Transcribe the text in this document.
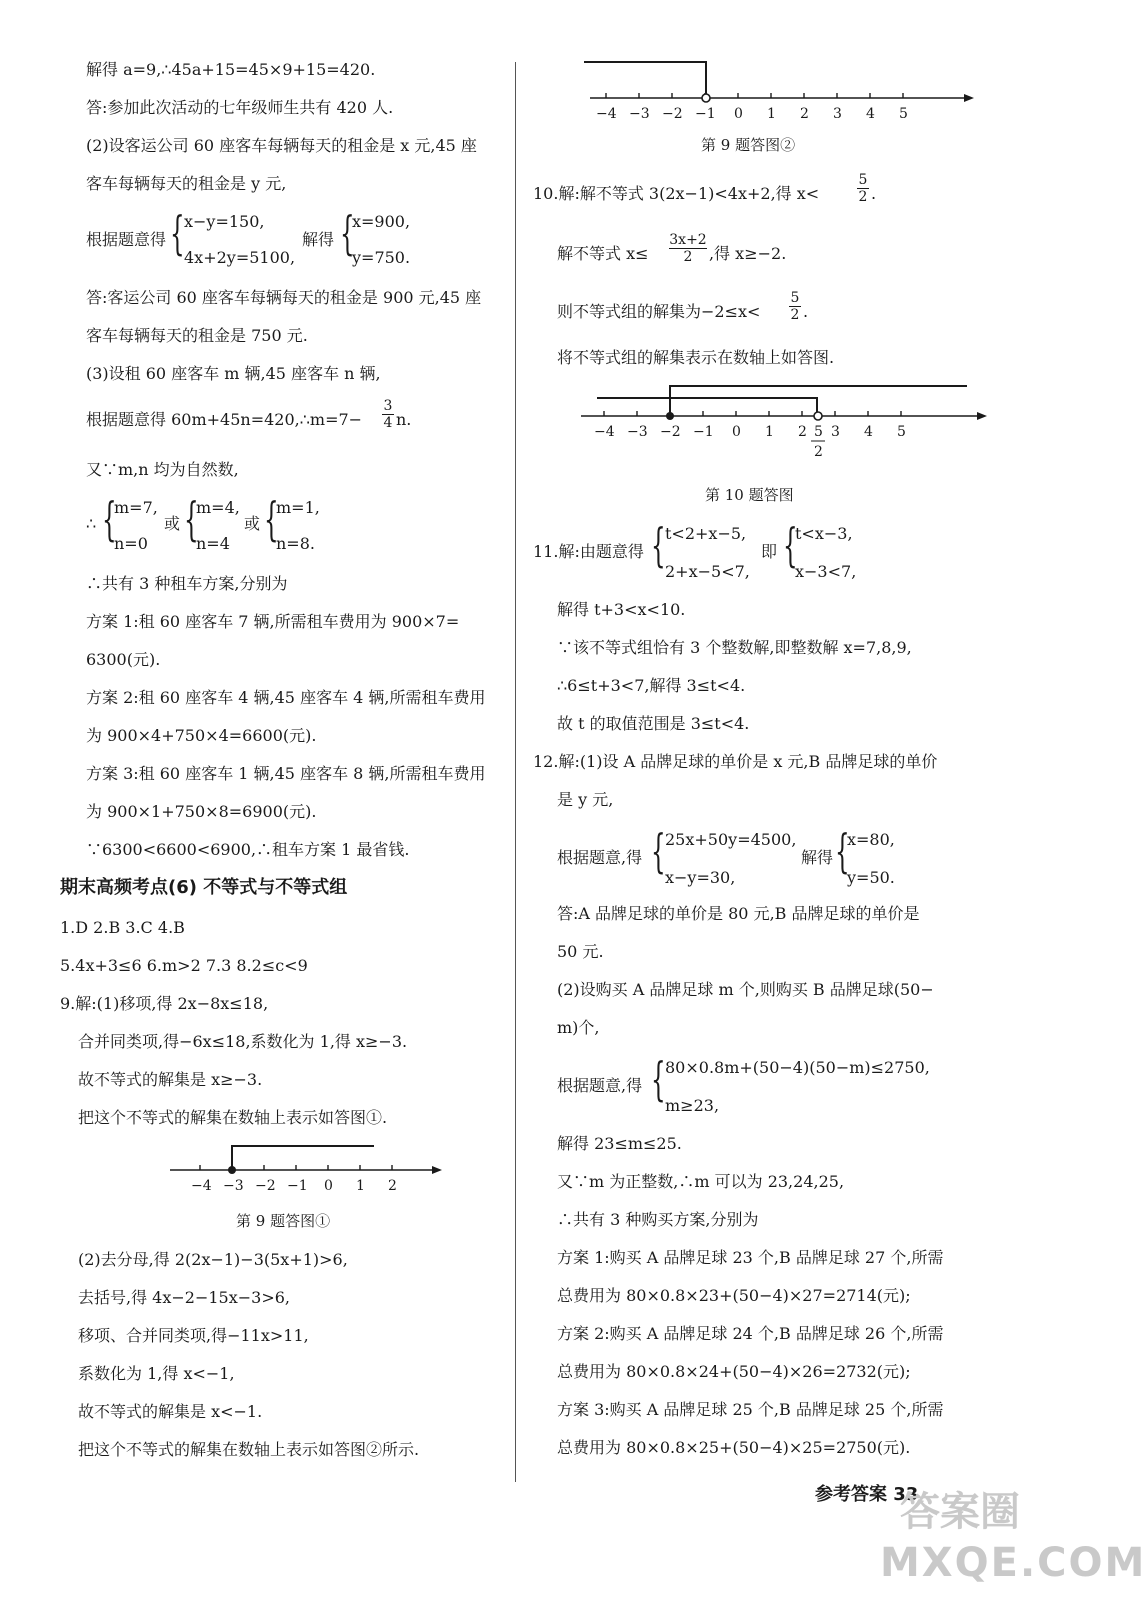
解得 a=9,∴45a+15=45×9+15=420.
答:参加此次活动的七年级师生共有 420 人.
(2)设客运公司 60 座客车每辆每天的租金是 x 元,45 座
客车每辆每天的租金是 y 元,
根据题意得 { x−y=150,
4x+2y=5100,
解得 {
x=900,
y=750.
答:客运公司 60 座客车每辆每天的租金是 900 元,45 座
客车每辆每天的租金是 750 元.
(3)设租 60 座客车 m 辆,45 座客车 n 辆,
根据题意得 60m+45n=420,∴m=7− $\frac{3}{4} n$.
又∵m,n 均为自然数,
∴ {
m=7,
n=0
或 {
m=4,
n=4
或 {
m=1,
n=8.
∴共有 3 种租车方案,分别为
方案 1:租 60 座客车 7 辆,所需租车费用为 900×7=
6300(元).
方案 2:租 60 座客车 4 辆,45 座客车 4 辆,所需租车费用
为 900×4+750×4=6600(元).
方案 3:租 60 座客车 1 辆,45 座客车 8 辆,所需租车费用
为 900×1+750×8=6900(元).
∵6300<6600<6900,∴租车方案 1 最省钱.
期末高频考点(6) 不等式与不等式组
1.D 2.B 3.C 4.B
5.4x+3≤6 6.m>2 7.3 8.2≤c<9
9.解:(1)移项,得 2x−8x≤18,
合并同类项,得−6x≤18,系数化为 1,得 x≥−3.
故不等式的解集是 x≥−3.
把这个不等式的解集在数轴上表示如答图①.
−4 −3 −2 −1 0 1 2
第 9 题答图①
(2)去分母,得 2(2x−1)−3(5x+1)>6,
去括号,得 4x−2−15x−3>6,
移项、合并同类项,得−11x>11,
系数化为 1,得 x<−1,
故不等式的解集是 x<−1.
把这个不等式的解集在数轴上表示如答图②所示.
−4 −3 −2 −1 0 1 2 3 4 5
第 9 题答图②
10.解:解不等式 3(2x−1)<4x+2,得 x<	$\frac{5}{2}$ .
解不等式 $x\le \frac{3x+2}{2}$ ,得 x≥−2.
则不等式组的解集为$-2\le x< \frac{5}{2}$ .
将不等式组的解集表示在数轴上如答图.
−4 −3 −2 −1 0 1 2 3 4 5
5
2
第 10 题答图
11.解:由题意得 { t<2+x−5,
2+x−5<7,
即 {
t<x−3,
x−3<7,
解得 t+3<x<10.
∵该不等式组恰有 3 个整数解,即整数解 x=7,8,9,
∴6≤t+3<7,解得 3≤t<4.
故 t 的取值范围是 3≤t<4.
12.解:(1)设 A 品牌足球的单价是 x 元,B 品牌足球的单价
是 y 元,
根据题意,得 { 25x+50y=4500,
x−y=30,
解得 {
x=80,
y=50.
答:A 品牌足球的单价是 80 元,B 品牌足球的单价是
50 元.
(2)设购买 A 品牌足球 m 个,则购买 B 品牌足球(50−
m)个,
根据题意,得 { 80×0.8m+(50−4)(50−m)≤2750,
m≥23,
解得 23≤m≤25.
又∵m 为正整数,∴m 可以为 23,24,25,
∴共有 3 种购买方案,分别为
方案 1:购买 A 品牌足球 23 个,B 品牌足球 27 个,所需
总费用为 80×0.8×23+(50−4)×27=2714(元);
方案 2:购买 A 品牌足球 24 个,B 品牌足球 26 个,所需
总费用为 80×0.8×24+(50−4)×26=2732(元);
方案 3:购买 A 品牌足球 25 个,B 品牌足球 25 个,所需
总费用为 80×0.8×25+(50−4)×25=2750(元).
参考答案 33
答案圈
MXQE.COM
